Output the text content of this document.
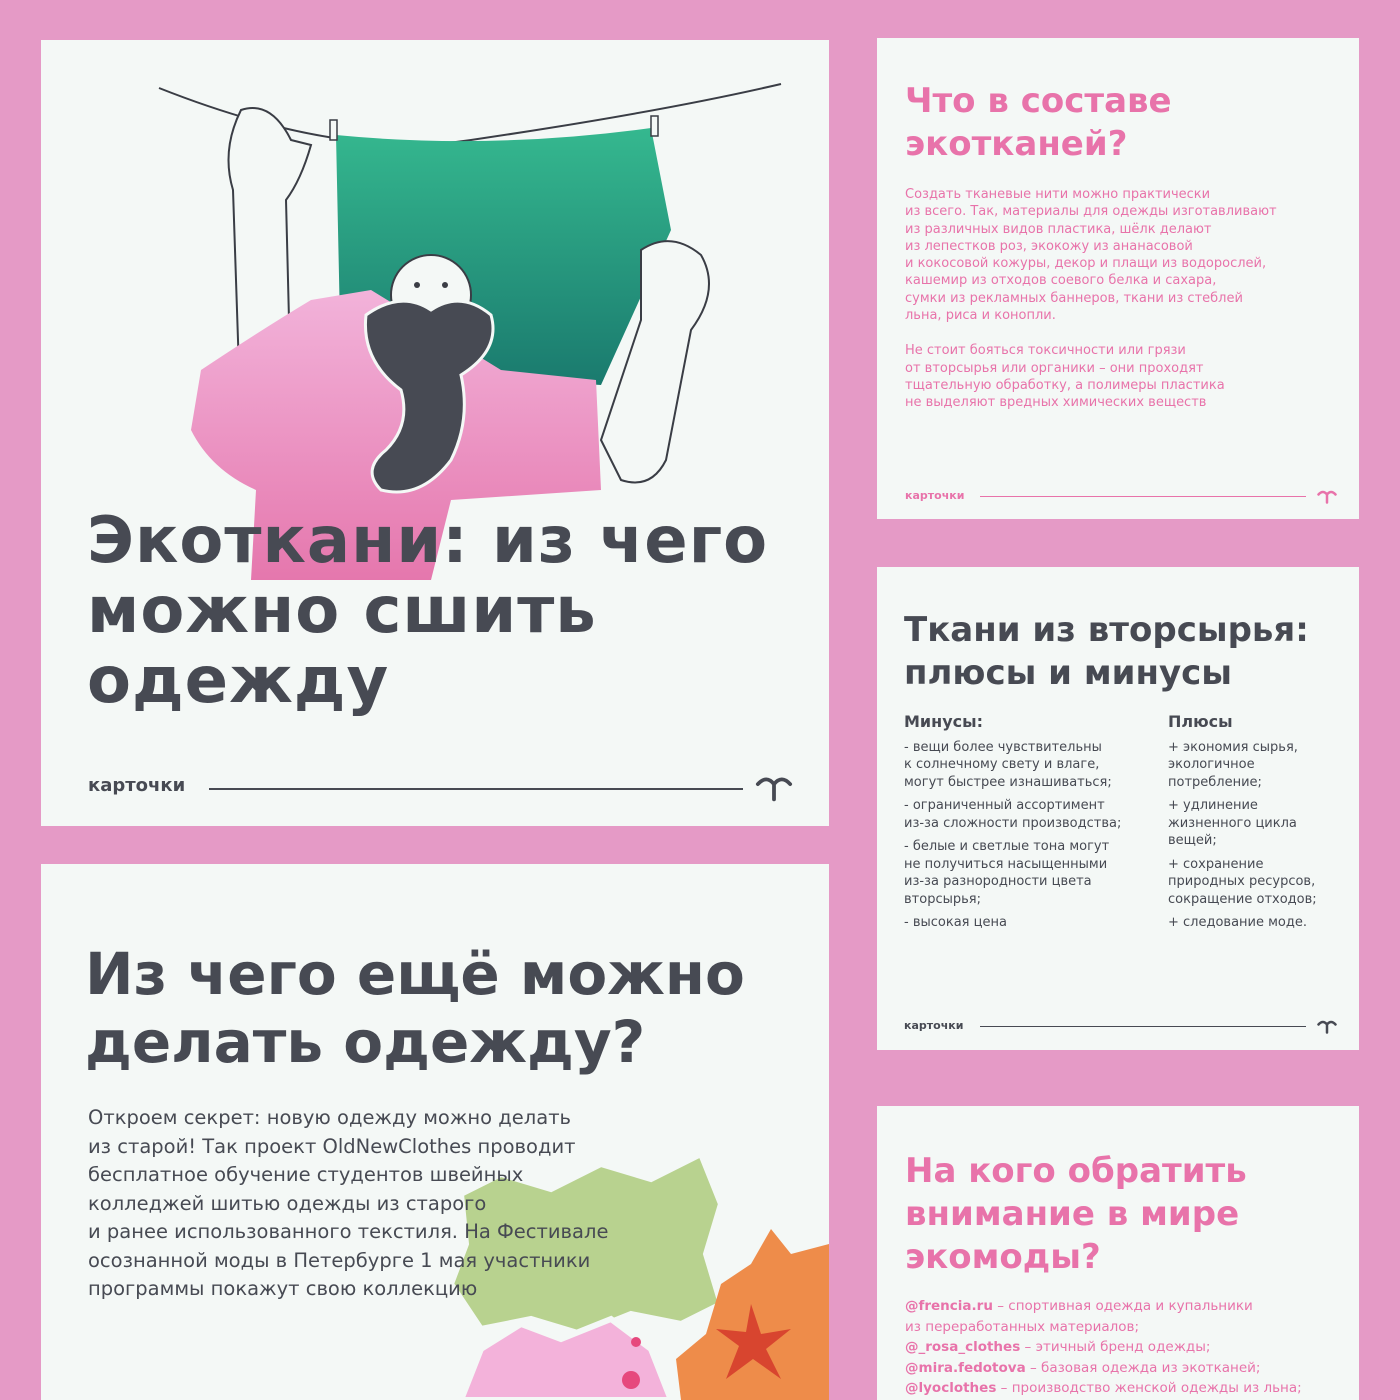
Экоткани: из чего можно сшить одежду
карточки
Что в составе экотканей?

Создать тканевые нити можно практически
из всего. Так, материалы для одежды изготавливают
из различных видов пластика, шёлк делают
из лепестков роз, экокожу из ананасовой
и кокосовой кожуры, декор и плащи из водорослей,
кашемир из отходов соевого белка и сахара,
сумки из рекламных баннеров, ткани из стеблей
льна, риса и конопли.

Не стоит бояться токсичности или грязи
от вторсырья или органики – они проходят
тщательную обработку, а полимеры пластика
не выделяют вредных химических веществ

карточки
Ткани из вторсырья:
плюсы и минусы
Минусы:
- вещи более чувствительны
к солнечному свету и влаге,
могут быстрее изнашиваться;
- ограниченный ассортимент
из-за сложности производства;
- белые и светлые тона могут
не получиться насыщенными
из-за разнородности цвета
вторсырья;
- высокая цена
Плюсы
+ экономия сырья,
экологичное
потребление;
+ удлинение
жизненного цикла
вещей;
+ сохранение
природных ресурсов,
сокращение отходов;
+ следование моде.
карточки
Из чего ещё можно
делать одежду?

Откроем секрет: новую одежду можно делать
из старой! Так проект OldNewClothes проводит
бесплатное обучение студентов швейных
колледжей шитью одежды из старого
и ранее использованного текстиля. На Фестивале
осознанной моды в Петербурге 1 мая участники
программы покажут свою коллекцию

На кого обратить
внимание в мире
экомоды?
@frencia.ru – спортивная одежда и купальники
из переработанных материалов;
@_rosa_clothes – этичный бренд одежды;
@mira.fedotova – базовая одежда из экотканей;
@lyoclothes – производство женской одежды из льна;
